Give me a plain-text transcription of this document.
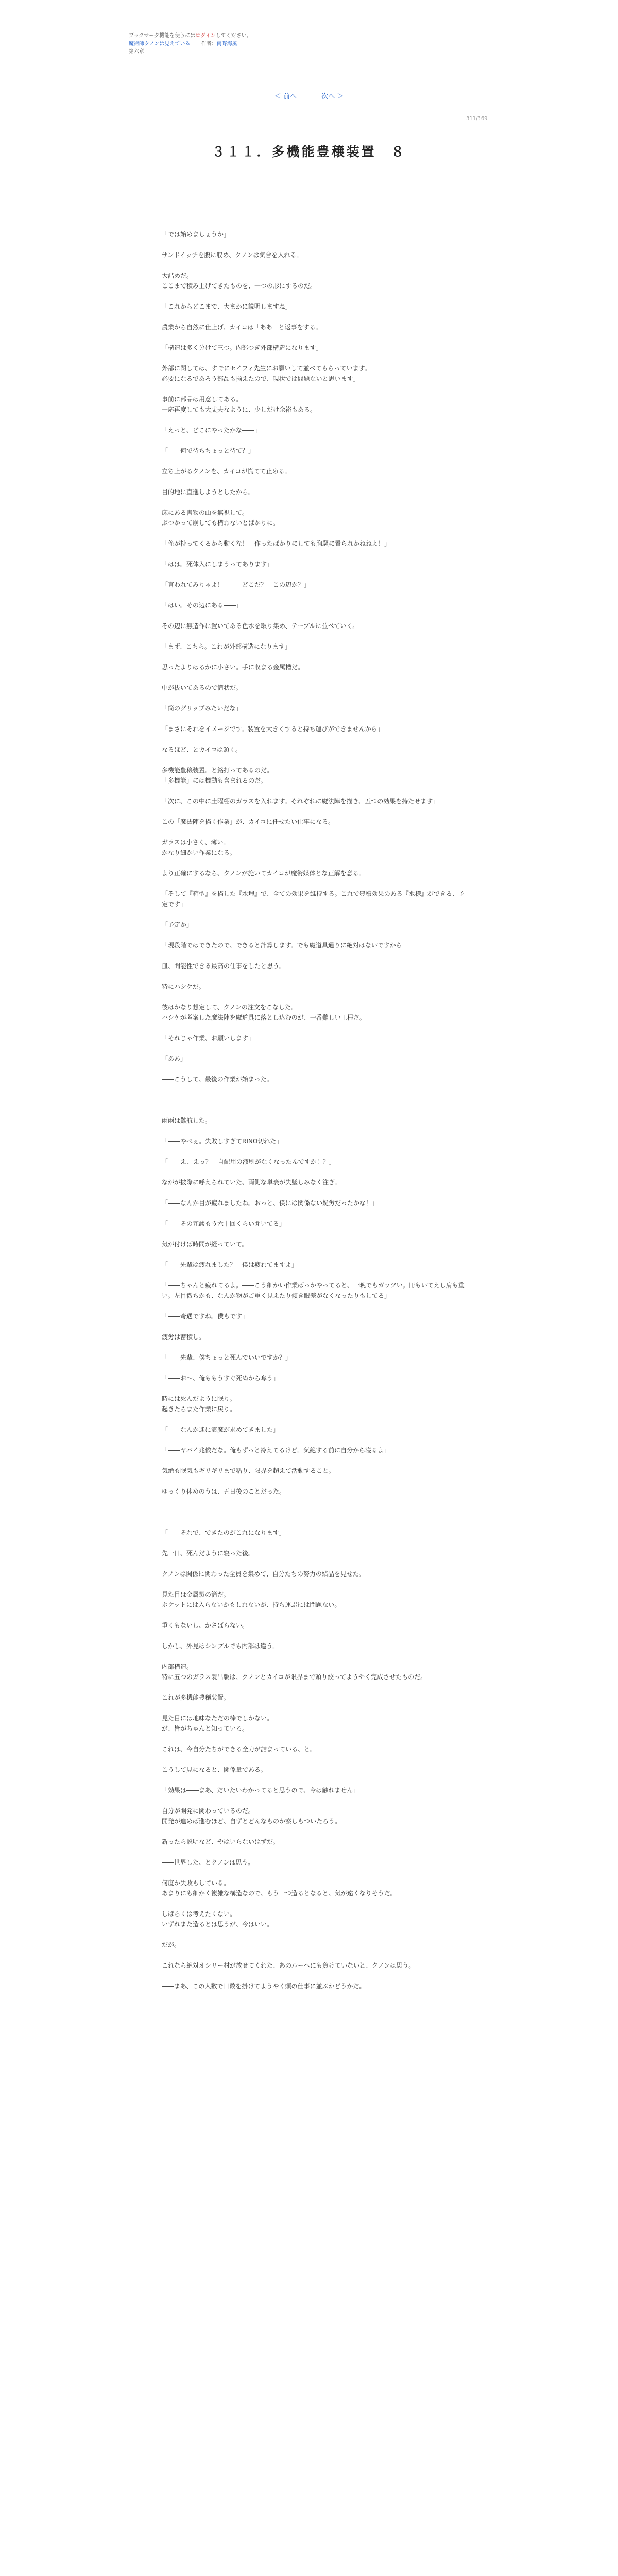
ブックマーク機能を使うにはログインしてください。
魔術師クノンは見えている 作者：南野海風
第六章
＜ 前へ	次へ ＞
311/369
３１１．多機能豊穣装置　８

「では始めましょうか」

サンドイッチを腹に収め、クノンは気合を入れる。

大詰めだ。
ここまで積み上げてきたものを、一つの形にするのだ。

「これからどこまで、大まかに説明しますね」

農業から自然に仕上げ、カイコは「ああ」と返事をする。

「構造は多く分けて三つ。内部つぎ外部構造になります」

外部に関しては、すでにセイフィ先生にお願いして並べてもらっています。
必要になるであろう部品も揃えたので、現状では問題ないと思います」

事前に部品は用意してある。
一応再度しても大丈夫なように、少しだけ余裕もある。

「えっと、どこにやったかな――」

「――何で待ちちょっと待て？」

立ち上がるクノンを、カイコが慌てて止める。

目的地に直進しようとしたから。

床にある書物の山を無視して。
ぶつかって崩しても構わないとばかりに。

「俺が持ってくるから動くな！　作ったばかりにしても胸騒に置られかねねえ！」

「はは。死体入にしまうってあります」

「言われてみりゃよ！　――どこだ？　この辺か？」

「はい。その辺にある――」

その辺に無造作に置いてある色水を取り集め、テーブルに並べていく。

「まず、こちら。これが外部構造になります」

思ったよりはるかに小さい。手に収まる金属槽だ。

中が抜いてあるので筒状だ。

「筒のグリップみたいだな」

「まさにそれをイメージです。装置を大きくすると持ち運びができませんから」

なるほど、とカイコは頷く。

多機能豊穣装置。と銘打ってあるのだ。
「多機能」には機動も含まれるのだ。

「次に、この中に土曜棚のガラスを入れます。それぞれに魔法陣を描き、五つの効果を持たせます」

この「魔法陣を描く作業」が、カイコに任せたい仕事になる。

ガラスは小さく、薄い。
かなり細かい作業になる。

より正確にするなら、クノンが施いてカイコが魔術媒体とな正解を意る。

「そして『箱型』を描した『水埋』で、全ての効果を維持する。これで豊穣効果のある『水様』ができる、予定です」

「予定か」

「現段階ではできたので、できると計算します。でも魔道具通りに絶対はないですから」

皿、間能性できる最高の仕事をしたと思う。

特にハシケだ。

彼はかなり想定して、クノンの注文をこなした。
ハシケが考案した魔法陣を魔道具に落とし込むのが、一番難しい工程だ。

「それじゃ作業、お願いします」

「ああ」

――こうして、最後の作業が始まった。

雨雨は難航した。

「――やべぇ。失敗しすぎてRINO切れた」

「――え、えっ？　自配用の液刷がなくなったんですか！？」

ながが披際に呼えられていた、両側な単衰が失墜しみなく注ぎ。

「――なんか目が疲れましたね。おっと、僕には関係ない疑労だったかな！」

「――その冗談もう六十回くらい聞いてる」

気が付けば時間が経っていて。

「――先輩は疲れました？　僕は疲れてますよ」

「――ちゃんと疲れてるよ。――こう細かい作業ばっかやってると、一晩でもガッツい。冊もいてえし肩も重い。左目微ちかも、なんか物がご重く見えたり傾き眼差がなくなったりもしてる」

「――奇遇ですね。僕もです」

疲労は蓄積し。

「――先輩、僕ちょっと死んでいいですか？」

「――お～、俺ももうすぐ死ぬから奪う」

時には死んだように眠り。
起きたらまた作業に戻り。

「――なんか迷に霊魔が求めてきました」

「――ヤバイ兆候だな。俺もずっと冷えてるけど。気絶する前に自分から寝るよ」

気絶も眠気もギリギリまで粘り、限界を超えて活動すること。

ゆっくり休めのうは、五日後のことだった。

「――それで、できたのがこれになります」

先一日、死んだように寝った後。

クノンは関係に関わった全員を集めて、自分たちの努力の結晶を見せた。

見た目は金属製の筒だ。
ポケットには入らないかもしれないが、持ち運ぶには問題ない。

重くもないし、かさばらない。

しかし、外見はシンプルでも内部は違う。

内部構造。
特に五つのガラス製出版は、クノンとカイコが限界まで頭り絞ってようやく完成させたものだ。

これが多機能豊穣装置。

見た目には地味なただの棒でしかない。
が、皆がちゃんと知っている。

これは、今自分たちができる全力が詰まっている、と。

こうして見になると、関係量である。

「効果は――まあ、だいたいわかってると思うので、今は触れません」

自分が開発に関わっているのだ。
開発が進めば進むほど、自ずとどんなものか察しもついたろう。

新ったら説明など、やはいらないはずだ。

――世界した、とクノンは思う。

何度か失敗もしている。
あまりにも細かく複雑な構造なので、もう一つ造るとなると、気が遠くなりそうだ。

しばらくは考えたくない。
いずれまた造るとは思うが、今はいい。

だが。

これなら絶対オシリー村が放せてくれた、あのルーヘにも負けていないと、クノンは思う。

――まあ、この人数で日数を掛けてようやく頭の仕事に並ぶかどうかだ。
